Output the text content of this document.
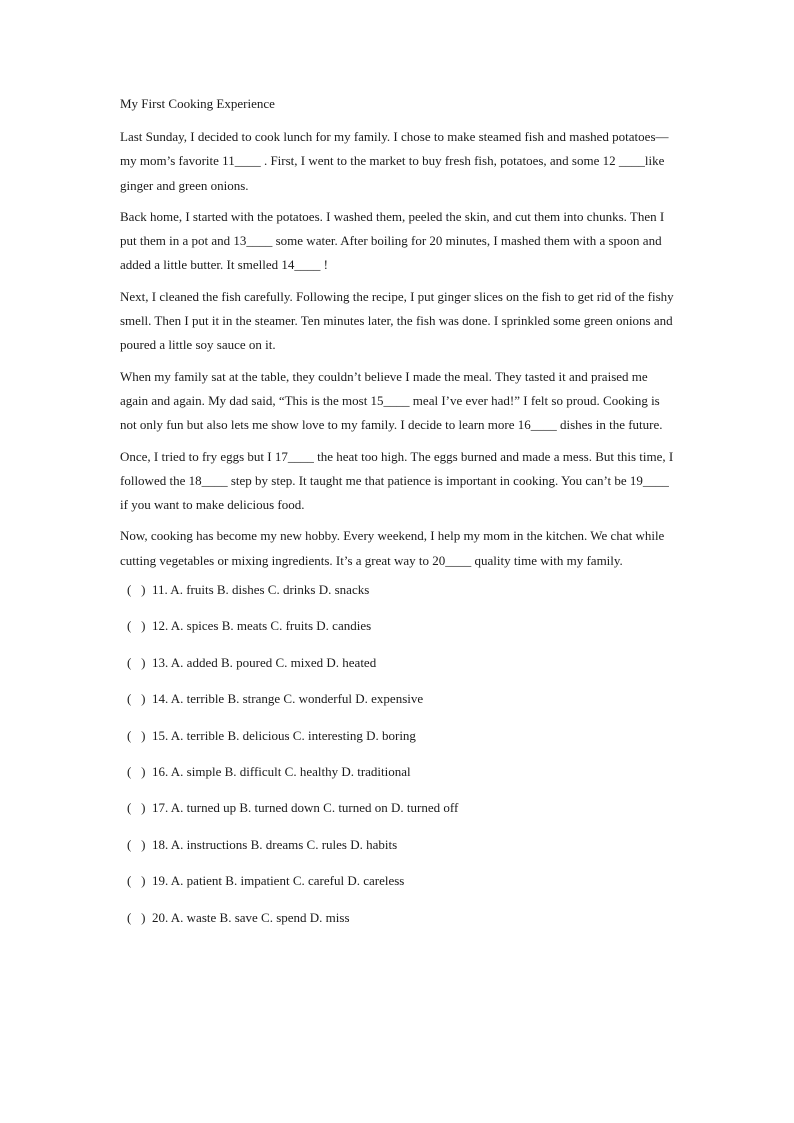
My First Cooking Experience

Last Sunday, I decided to cook lunch for my family. I chose to make steamed fish and mashed potatoes—my mom’s favorite 11____ . First, I went to the market to buy fresh fish, potatoes, and some 12 ____like ginger and green onions.

Back home, I started with the potatoes. I washed them, peeled the skin, and cut them into chunks. Then I put them in a pot and 13____ some water. After boiling for 20 minutes, I mashed them with a spoon and added a little butter. It smelled 14____ !

Next, I cleaned the fish carefully. Following the recipe, I put ginger slices on the fish to get rid of the fishy smell. Then I put it in the steamer. Ten minutes later, the fish was done. I sprinkled some green onions and poured a little soy sauce on it.

When my family sat at the table, they couldn’t believe I made the meal. They tasted it and praised me again and again. My dad said, “This is the most 15____ meal I’ve ever had!” I felt so proud. Cooking is not only fun but also lets me show love to my family. I decide to learn more 16____ dishes in the future.

Once, I tried to fry eggs but I 17____ the heat too high. The eggs burned and made a mess. But this time, I followed the 18____ step by step. It taught me that patience is important in cooking. You can’t be 19____ if you want to make delicious food.

Now, cooking has become my new hobby. Every weekend, I help my mom in the kitchen. We chat while cutting vegetables or mixing ingredients. It’s a great way to 20____ quality time with my family.

(   ) 11. A. fruits B. dishes C. drinks D. snacks
(   ) 12. A. spices B. meats C. fruits D. candies
(   ) 13. A. added B. poured C. mixed D. heated
(   ) 14. A. terrible B. strange C. wonderful D. expensive
(   ) 15. A. terrible B. delicious C. interesting D. boring
(   ) 16. A. simple B. difficult C. healthy D. traditional
(   ) 17. A. turned up B. turned down C. turned on D. turned off
(   ) 18. A. instructions B. dreams C. rules D. habits
(   ) 19. A. patient B. impatient C. careful D. careless
(   ) 20. A. waste B. save C. spend D. miss
